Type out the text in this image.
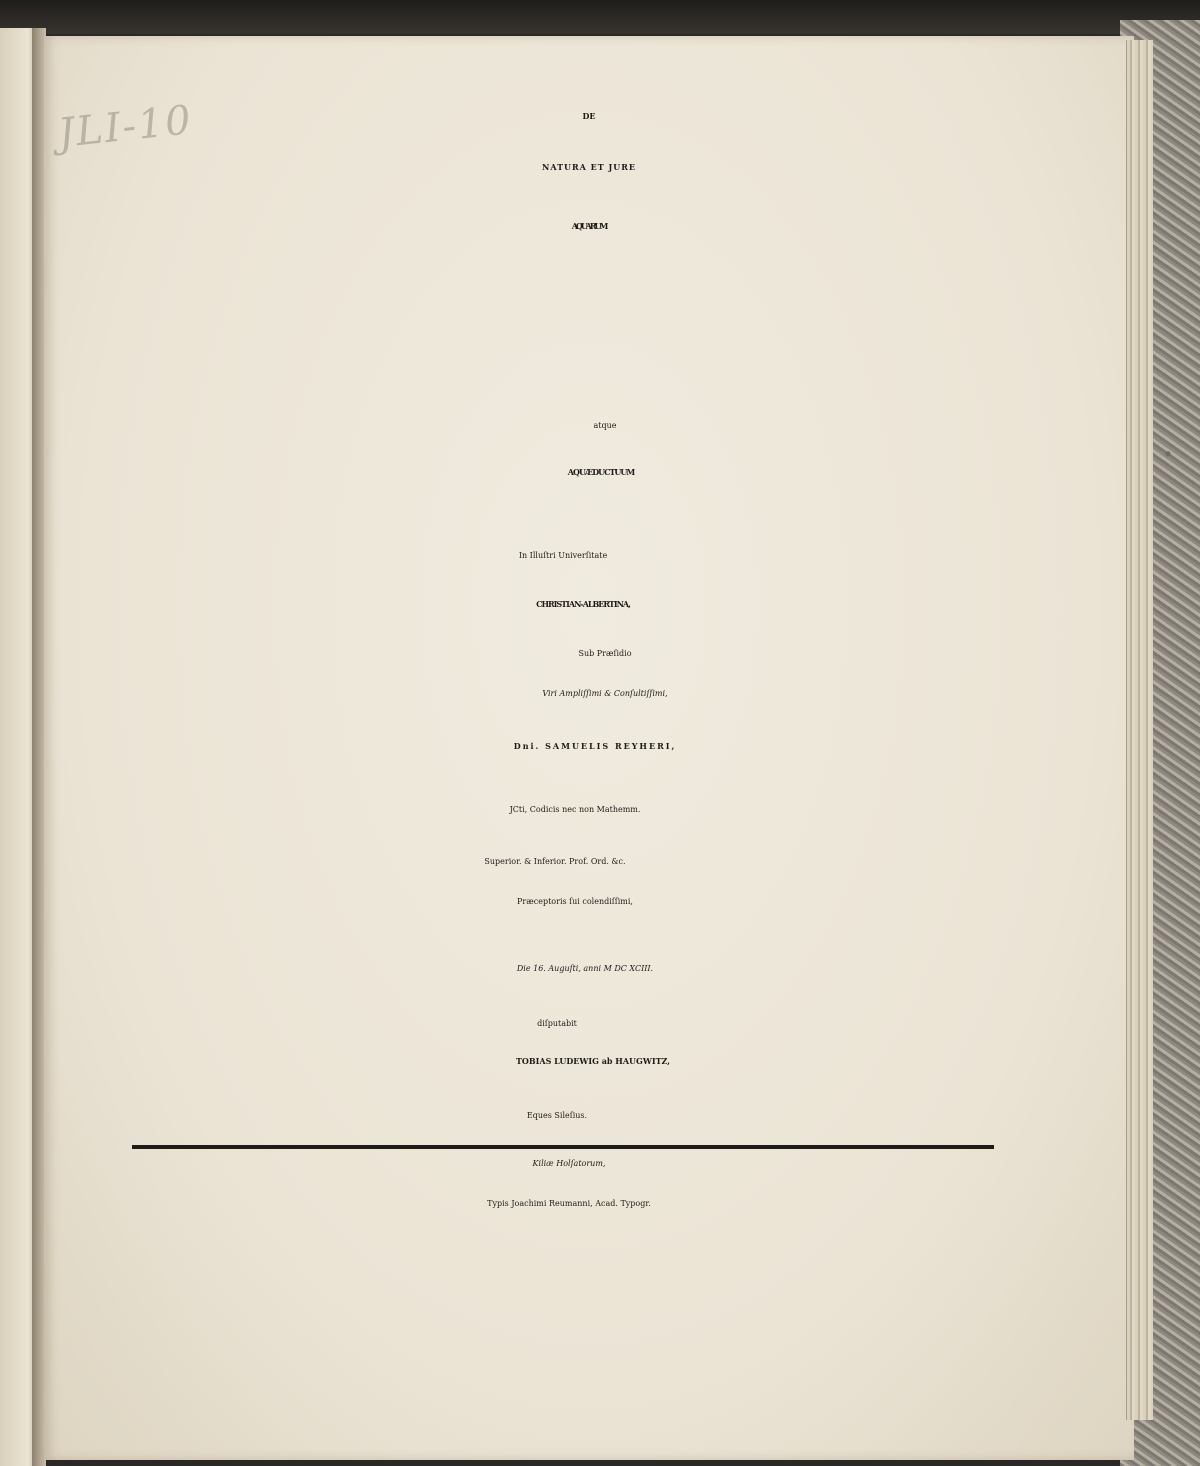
JLI-10	DE

NATURA ET JURE

AQUARUM

atque

AQUÆDUCTUUM

In Illuſtri Univerſitate

CHRISTIAN-ALBERTINA,

Sub Præſidio

Viri Ampliſſimi & Conſultiſſimi,

Dni. SAMUELIS REYHERI,

JCti, Codicis nec non Mathemm.

Superior. & Inferior. Prof. Ord. &c.

Præceptoris ſui colendiſſimi,

Die 16. Auguſti, anni M DC XCIII.

diſputabit

TOBIAS LUDEWIG ab HAUGWITZ,

Eques Sileſius.

Kiliæ Holſatorum,

Typis Joachimi Reumanni, Acad. Typogr.
